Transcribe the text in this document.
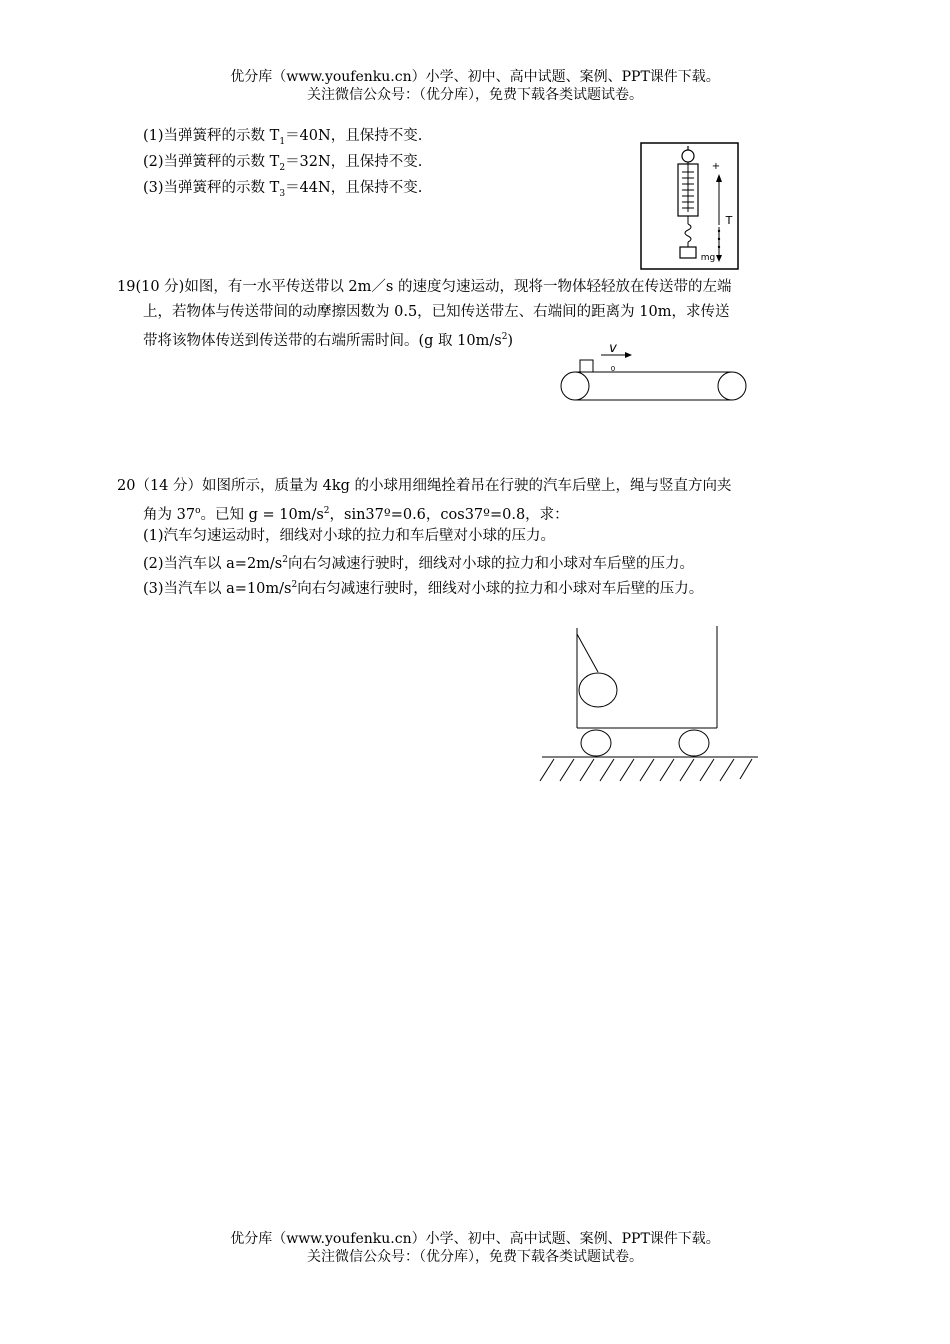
优分库（www.youfenku.cn）小学、初中、高中试题、案例、PPT课件下载。
关注微信公众号：（优分库），免费下载各类试题试卷。
(1)当弹簧秤的示数 $T_1=40N$，且保持不变.
(2)当弹簧秤的示数 $T_2=32N$，且保持不变.
(3)当弹簧秤的示数 $T_3=44N$，且保持不变.
+
T
mg
19(10 分)如图，有一水平传送带以 2m／s 的速度匀速运动，现将一物体轻轻放在传送带的左端
上，若物体与传送带间的动摩擦因数为 0.5，已知传送带左、右端间的距离为 10m，求传送
带将该物体传送到传送带的右端所需时间。(g 取 $10m/s^2$)	v
0
20（14 分）如图所示，质量为 4kg 的小球用细绳拴着吊在行驶的汽车后壁上，绳与竖直方向夹
角为 37$^o$。已知 $g = 10m/s^2$，sin37º=0.6，cos37º=0.8，求：
(1)汽车匀速运动时，细线对小球的拉力和车后壁对小球的压力。
(2)当汽车以 $a=2m/s^2$向右匀减速行驶时，细线对小球的拉力和小球对车后壁的压力。
(3)当汽车以 $a=10m/s^2$向右匀减速行驶时，细线对小球的拉力和小球对车后壁的压力。
优分库（www.youfenku.cn）小学、初中、高中试题、案例、PPT课件下载。
关注微信公众号：（优分库），免费下载各类试题试卷。
